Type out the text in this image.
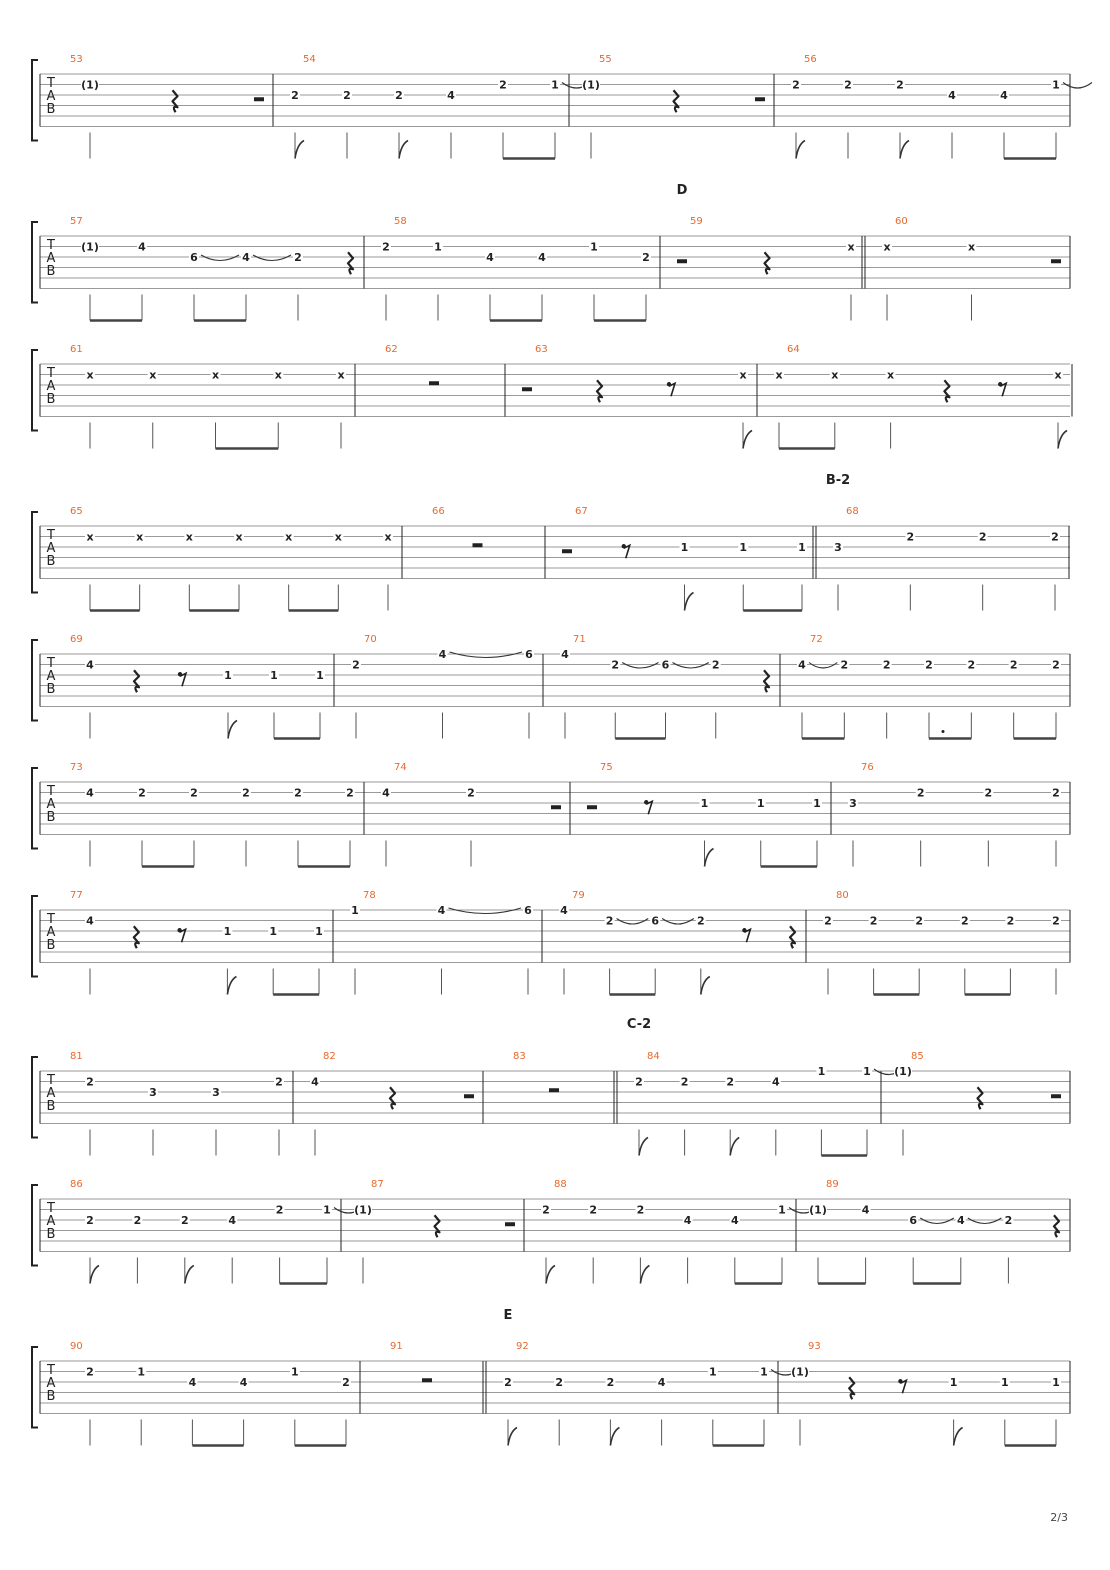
T
A
B
53
(1)
54
2	2	2	4
2	1
55
(1)
56
2	2	2
4	4
1
T
A
B
57
(1)	4
6	4	2
58
2	1
4	4
1
2
59
x
60
x	x
D
T
A
B
61
x	x	x	x	x
62	63
x
64
x	x	x	x
T
A
B
65
x	x	x	x	x	x	x
66	67
1	1	1
68
3
2	2	2
B-2
T
A
B
69
4
1	1	1
70
2
4	6
71
4
2	6	2
72
4	2	2	2	2	2	2
T
A
B
73
4	2	2	2	2	2
74
4	2
75
1	1	1
76
3
2	2	2
T
A
B
77
4
1	1	1
78
1	4	6
79
4
2	6	2
80
2	2	2	2	2	2
T
A
B
81
2
3	3
2
82
4
83	84
2	2	2	4
1	1
85
(1)
C-2
T
A
B
86
2	2	2	4
2	1
87
(1)
88
2	2	2
4	4
1
89
(1)	4
6	4	2
T
A
B
90
2	1
4	4
1
2
91	92
2	2	2	4
1	1
93
(1)
1	1	1
E
2/3
